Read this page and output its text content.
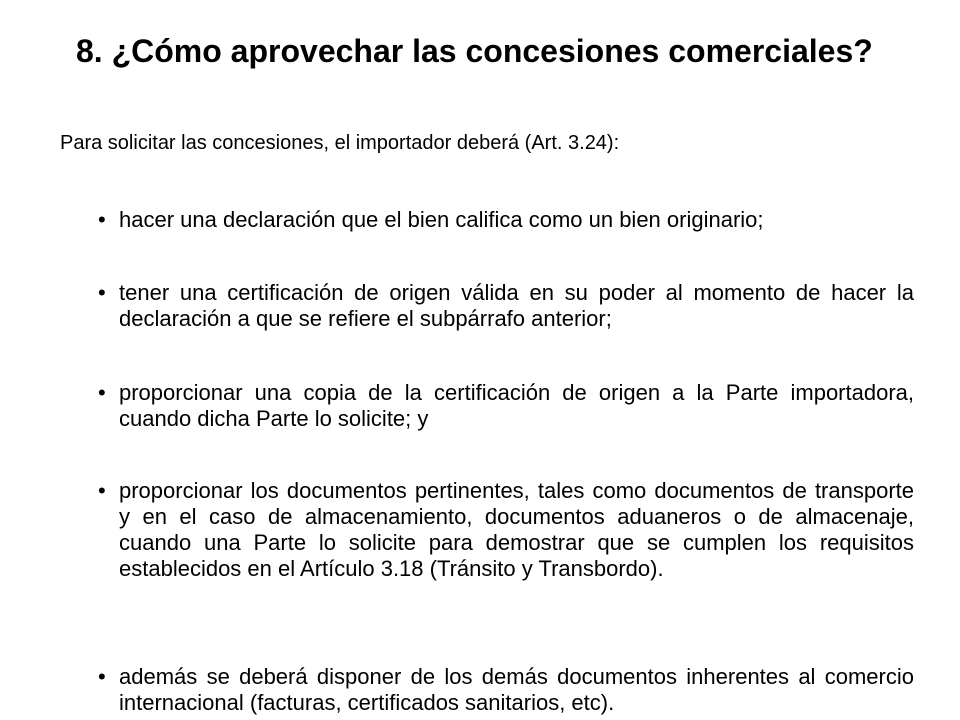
8. ¿Cómo aprovechar las concesiones comerciales?

Para solicitar las concesiones, el importador deberá (Art. 3.24):

• hacer una declaración que el bien califica como un bien originario;
• tener una certificación de origen válida en su poder al momento de hacer la declaración a que se refiere el subpárrafo anterior;
• proporcionar una copia de la certificación de origen a la Parte importadora, cuando dicha Parte lo solicite; y
• proporcionar los documentos pertinentes, tales como documentos de transporte y en el caso de almacenamiento, documentos aduaneros o de almacenaje, cuando una Parte lo solicite para demostrar que se cumplen los requisitos establecidos en el Artículo 3.18 (Tránsito y Transbordo).
• además se deberá disponer de los demás documentos inherentes al comercio internacional (facturas, certificados sanitarios, etc).
